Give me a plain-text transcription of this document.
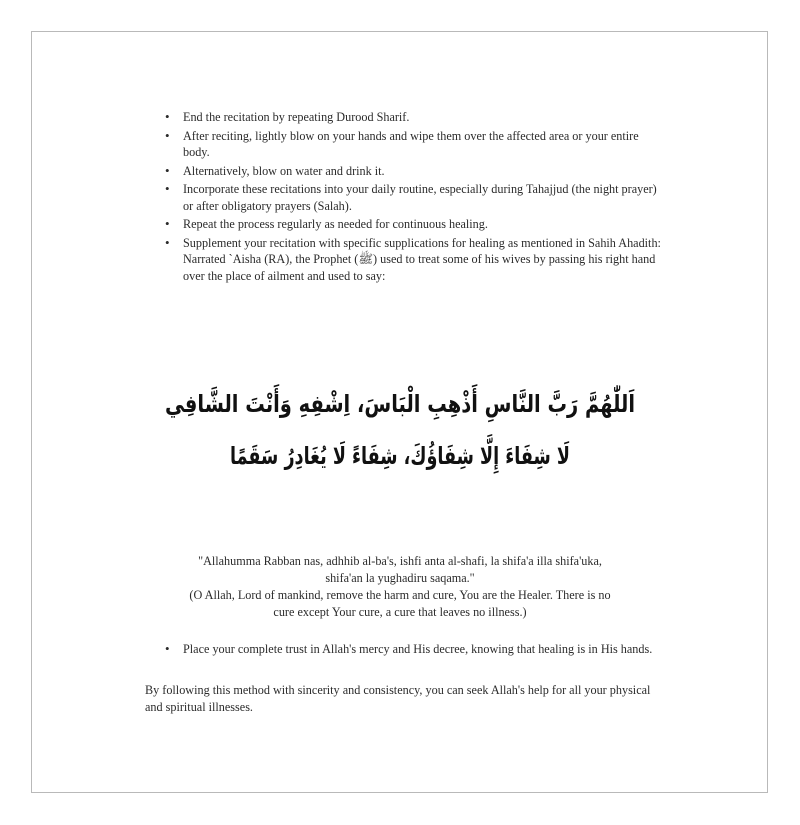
• End the recitation by repeating Durood Sharif.
• After reciting, lightly blow on your hands and wipe them over the affected area or your entire body.
• Alternatively, blow on water and drink it.
• Incorporate these recitations into your daily routine, especially during Tahajjud (the night prayer) or after obligatory prayers (Salah).
• Repeat the process regularly as needed for continuous healing.
• Supplement your recitation with specific supplications for healing as mentioned in Sahih Ahadith:
Narrated `Aisha (RA), the Prophet (ﷺ) used to treat some of his wives by passing his right hand over the place of ailment and used to say:
اَللّٰهُمَّ رَبَّ النَّاسِ أَذْهِبِ الْبَاسَ، اِشْفِهِ وَأَنْتَ الشَّافِي
لَا شِفَاءَ إِلَّا شِفَاؤُكَ، شِفَاءً لَا يُغَادِرُ سَقَمًا

"Allahumma Rabban nas, adhhib al-ba's, ishfi anta al-shafi, la shifa'a illa shifa'uka,
shifa'an la yughadiru saqama."
(O Allah, Lord of mankind, remove the harm and cure, You are the Healer. There is no
cure except Your cure, a cure that leaves no illness.)

• Place your complete trust in Allah's mercy and His decree, knowing that healing is in His hands.

By following this method with sincerity and consistency, you can seek Allah's help for all your physical and spiritual illnesses.
